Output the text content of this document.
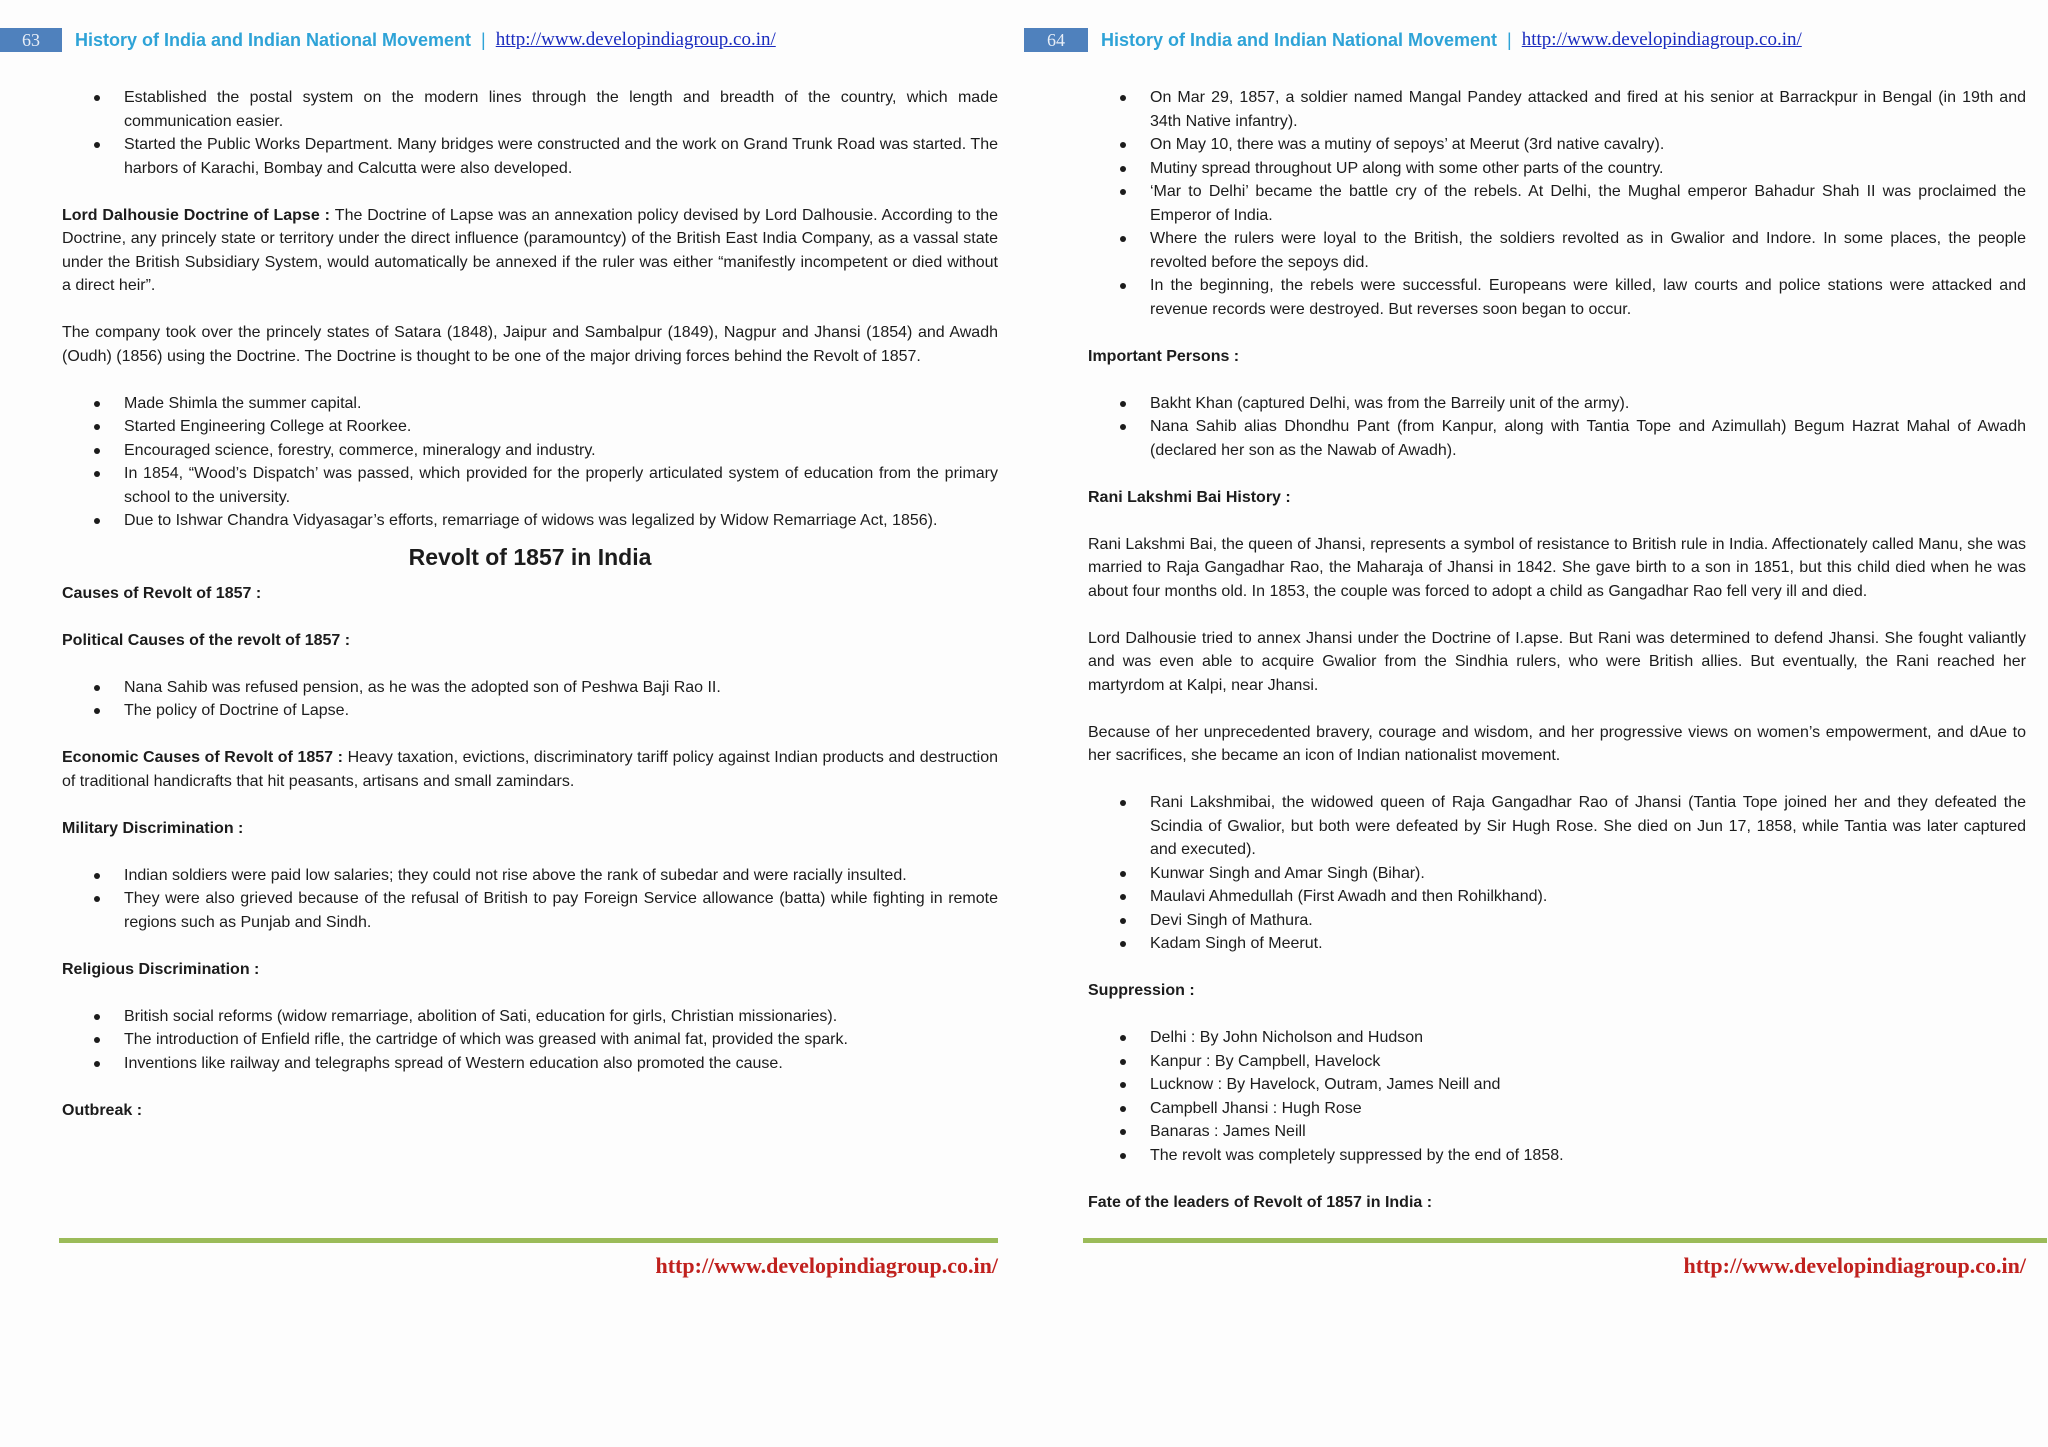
63	History of India and Indian National Movement | http://www.developindiagroup.co.in/
Established the postal system on the modern lines through the length and breadth of the country, which made communication easier.
Started the Public Works Department. Many bridges were constructed and the work on Grand Trunk Road was started. The harbors of Karachi, Bombay and Calcutta were also developed.

Lord Dalhousie Doctrine of Lapse : The Doctrine of Lapse was an annexation policy devised by Lord Dalhousie. According to the Doctrine, any princely state or territory under the direct influence (paramountcy) of the British East India Company, as a vassal state under the British Subsidiary System, would automatically be annexed if the ruler was either “manifestly incompetent or died without a direct heir”.

The company took over the princely states of Satara (1848), Jaipur and Sambalpur (1849), Nagpur and Jhansi (1854) and Awadh (Oudh) (1856) using the Doctrine. The Doctrine is thought to be one of the major driving forces behind the Revolt of 1857.

Made Shimla the summer capital.
Started Engineering College at Roorkee.
Encouraged science, forestry, commerce, mineralogy and industry.
In 1854, “Wood’s Dispatch’ was passed, which provided for the properly articulated system of education from the primary school to the university.
Due to Ishwar Chandra Vidyasagar’s efforts, remarriage of widows was legalized by Widow Remarriage Act, 1856).
Revolt of 1857 in India

Causes of Revolt of 1857 :

Political Causes of the revolt of 1857 :

Nana Sahib was refused pension, as he was the adopted son of Peshwa Baji Rao II.
The policy of Doctrine of Lapse.

Economic Causes of Revolt of 1857 : Heavy taxation, evictions, discriminatory tariff policy against Indian products and destruction of traditional handicrafts that hit peasants, artisans and small zamindars.

Military Discrimination :

Indian soldiers were paid low salaries; they could not rise above the rank of subedar and were racially insulted.
They were also grieved because of the refusal of British to pay Foreign Service allowance (batta) while fighting in remote regions such as Punjab and Sindh.

Religious Discrimination :

British social reforms (widow remarriage, abolition of Sati, education for girls, Christian missionaries).
The introduction of Enfield rifle, the cartridge of which was greased with animal fat, provided the spark.
Inventions like railway and telegraphs spread of Western education also promoted the cause.

Outbreak :

http://www.developindiagroup.co.in/
64	History of India and Indian National Movement | http://www.developindiagroup.co.in/
On Mar 29, 1857, a soldier named Mangal Pandey attacked and fired at his senior at Barrackpur in Bengal (in 19th and 34th Native infantry).
On May 10, there was a mutiny of sepoys’ at Meerut (3rd native cavalry).
Mutiny spread throughout UP along with some other parts of the country.
‘Mar to Delhi’ became the battle cry of the rebels. At Delhi, the Mughal emperor Bahadur Shah II was proclaimed the Emperor of India.
Where the rulers were loyal to the British, the soldiers revolted as in Gwalior and Indore. In some places, the people revolted before the sepoys did.
In the beginning, the rebels were successful. Europeans were killed, law courts and police stations were attacked and revenue records were destroyed. But reverses soon began to occur.

Important Persons :

Bakht Khan (captured Delhi, was from the Barreily unit of the army).
Nana Sahib alias Dhondhu Pant (from Kanpur, along with Tantia Tope and Azimullah) Begum Hazrat Mahal of Awadh (declared her son as the Nawab of Awadh).

Rani Lakshmi Bai History :

Rani Lakshmi Bai, the queen of Jhansi, represents a symbol of resistance to British rule in India. Affectionately called Manu, she was married to Raja Gangadhar Rao, the Maharaja of Jhansi in 1842. She gave birth to a son in 1851, but this child died when he was about four months old. In 1853, the couple was forced to adopt a child as Gangadhar Rao fell very ill and died.

Lord Dalhousie tried to annex Jhansi under the Doctrine of I.apse. But Rani was determined to defend Jhansi. She fought valiantly and was even able to acquire Gwalior from the Sindhia rulers, who were British allies. But eventually, the Rani reached her martyrdom at Kalpi, near Jhansi.

Because of her unprecedented bravery, courage and wisdom, and her progressive views on women’s empowerment, and dAue to her sacrifices, she became an icon of Indian nationalist movement.

Rani Lakshmibai, the widowed queen of Raja Gangadhar Rao of Jhansi (Tantia Tope joined her and they defeated the Scindia of Gwalior, but both were defeated by Sir Hugh Rose. She died on Jun 17, 1858, while Tantia was later captured and executed).
Kunwar Singh and Amar Singh (Bihar).
Maulavi Ahmedullah (First Awadh and then Rohilkhand).
Devi Singh of Mathura.
Kadam Singh of Meerut.

Suppression :

Delhi : By John Nicholson and Hudson
Kanpur : By Campbell, Havelock
Lucknow : By Havelock, Outram, James Neill and
Campbell Jhansi : Hugh Rose
Banaras : James Neill
The revolt was completely suppressed by the end of 1858.

Fate of the leaders of Revolt of 1857 in India :

http://www.developindiagroup.co.in/
